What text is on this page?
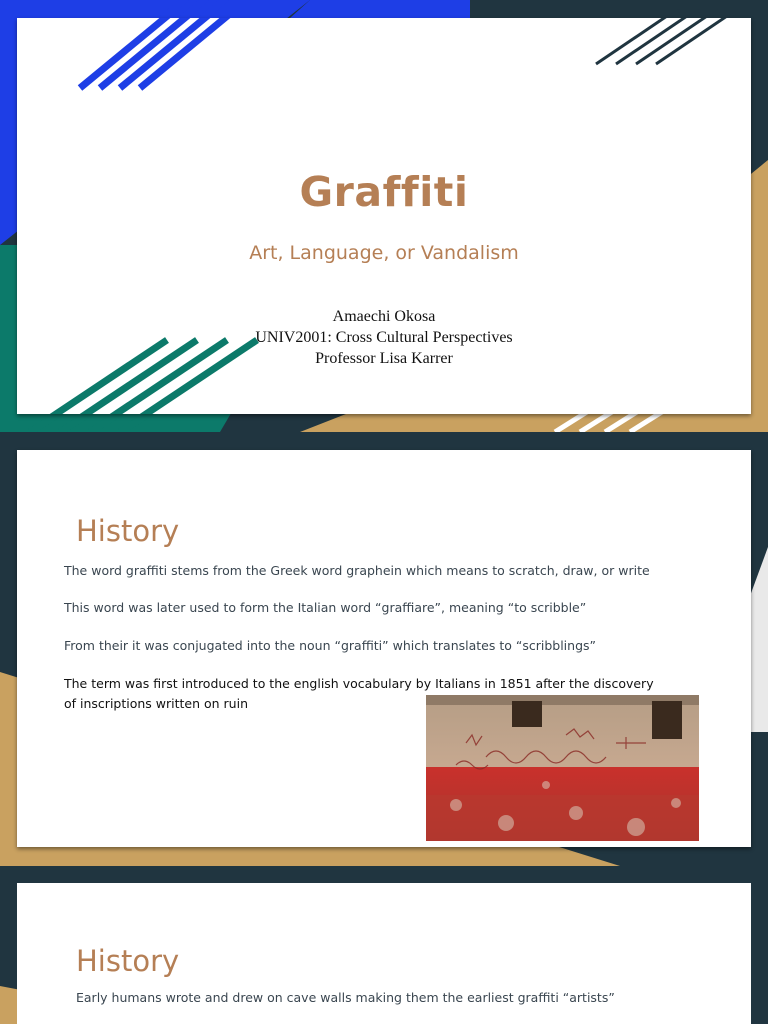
Graffiti
Art, Language, or Vandalism
Amaechi Okosa
UNIV2001: Cross Cultural Perspectives
Professor Lisa Karrer
History
The word graffiti stems from the Greek word graphein which means to scratch, draw, or write
This word was later used to form the Italian word “graffiare”, meaning “to scribble”
From their it was conjugated into the noun “graffiti” which translates to “scribblings”
The term was first introduced to the english vocabulary by Italians in 1851 after the discovery of inscriptions written on ruin
History
Early humans wrote and drew on cave walls making them the earliest graffiti “artists”
